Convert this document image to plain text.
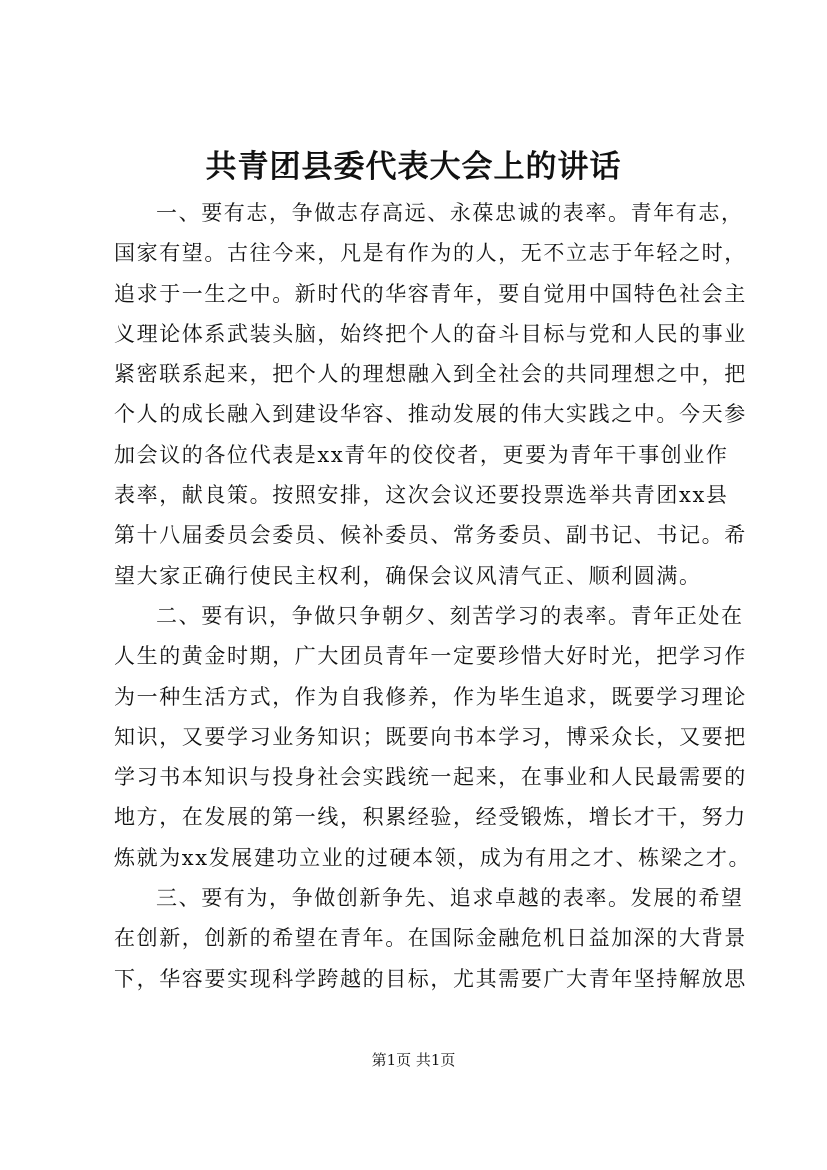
共青团县委代表大会上的讲话
一、要有志，争做志存高远、永葆忠诚的表率。青年有志，
国家有望。古往今来，凡是有作为的人，无不立志于年轻之时，
追求于一生之中。新时代的华容青年，要自觉用中国特色社会主
义理论体系武装头脑，始终把个人的奋斗目标与党和人民的事业
紧密联系起来，把个人的理想融入到全社会的共同理想之中，把
个人的成长融入到建设华容、推动发展的伟大实践之中。今天参
加会议的各位代表是xx青年的佼佼者，更要为青年干事创业作
表率，献良策。按照安排，这次会议还要投票选举共青团xx县
第十八届委员会委员、候补委员、常务委员、副书记、书记。希
望大家正确行使民主权利，确保会议风清气正、顺利圆满。
二、要有识，争做只争朝夕、刻苦学习的表率。青年正处在
人生的黄金时期，广大团员青年一定要珍惜大好时光，把学习作
为一种生活方式，作为自我修养，作为毕生追求，既要学习理论
知识，又要学习业务知识；既要向书本学习，博采众长，又要把
学习书本知识与投身社会实践统一起来，在事业和人民最需要的
地方，在发展的第一线，积累经验，经受锻炼，增长才干，努力
炼就为xx发展建功立业的过硬本领，成为有用之才、栋梁之才。
三、要有为，争做创新争先、追求卓越的表率。发展的希望
在创新，创新的希望在青年。在国际金融危机日益加深的大背景
下，华容要实现科学跨越的目标，尤其需要广大青年坚持解放思
第1页 共1页
